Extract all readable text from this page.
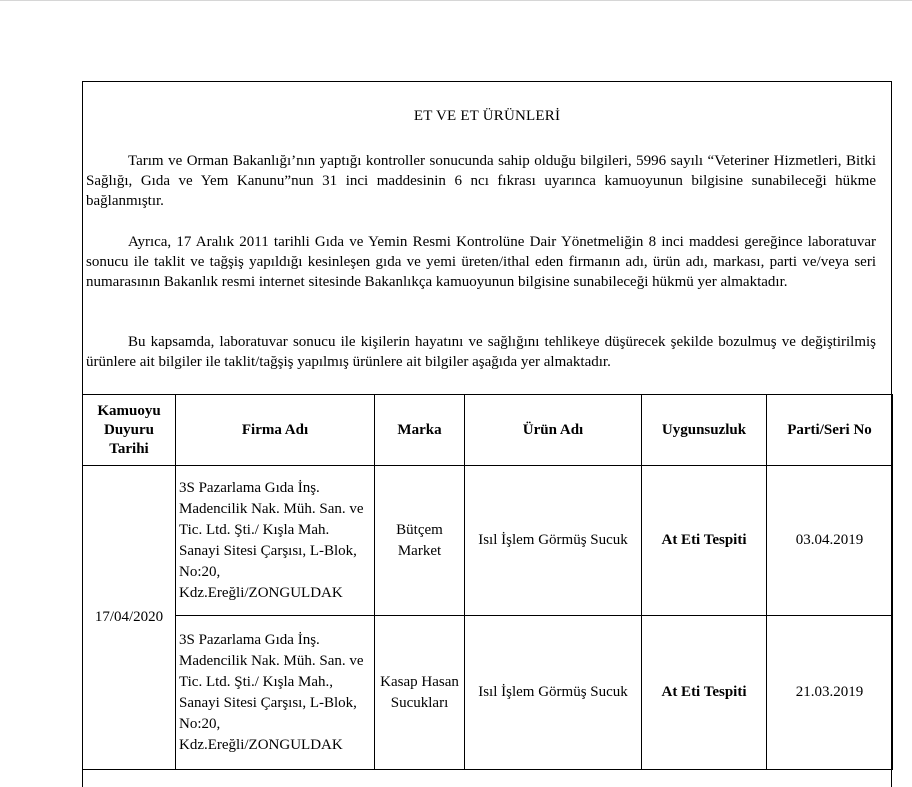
ET VE ET ÜRÜNLERİ
Tarım ve Orman Bakanlığı’nın yaptığı kontroller sonucunda sahip olduğu bilgileri, 5996 sayılı “Veteriner Hizmetleri, Bitki Sağlığı, Gıda ve Yem Kanunu”nun 31 inci maddesinin 6 ncı fıkrası uyarınca kamuoyunun bilgisine sunabileceği hükme bağlanmıştır.
Ayrıca, 17 Aralık 2011 tarihli Gıda ve Yemin Resmi Kontrolüne Dair Yönetmeliğin 8 inci maddesi gereğince laboratuvar sonucu ile taklit ve tağşiş yapıldığı kesinleşen gıda ve yemi üreten/ithal eden firmanın adı, ürün adı, markası, parti ve/veya seri numarasının Bakanlık resmi internet sitesinde Bakanlıkça kamuoyunun bilgisine sunabileceği hükmü yer almaktadır.
Bu kapsamda, laboratuvar sonucu ile kişilerin hayatını ve sağlığını tehlikeye düşürecek şekilde bozulmuş ve değiştirilmiş ürünlere ait bilgiler ile taklit/tağşiş yapılmış ürünlere ait bilgiler aşağıda yer almaktadır.
Kamuoyu Duyuru Tarihi	Firma Adı	Marka	Ürün Adı	Uygunsuzluk	Parti/Seri No
17/04/2020	3S Pazarlama Gıda İnş. Madencilik Nak. Müh. San. ve Tic. Ltd. Şti./ Kışla Mah. Sanayi Sitesi Çarşısı, L-Blok, No:20, Kdz.Ereğli/ZONGULDAK	Bütçem Market	Isıl İşlem Görmüş Sucuk	At Eti Tespiti	03.04.2019
	3S Pazarlama Gıda İnş. Madencilik Nak. Müh. San. ve Tic. Ltd. Şti./ Kışla Mah., Sanayi Sitesi Çarşısı, L-Blok, No:20, Kdz.Ereğli/ZONGULDAK	Kasap Hasan Sucukları	Isıl İşlem Görmüş Sucuk	At Eti Tespiti	21.03.2019
